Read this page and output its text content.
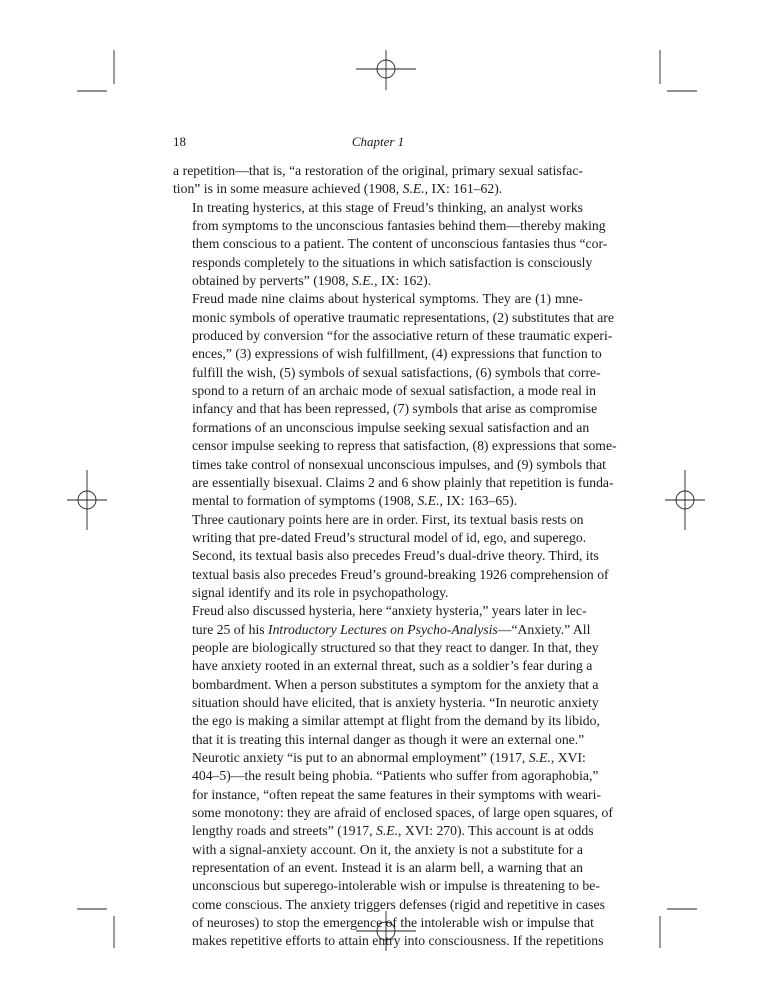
18	Chapter 1

a repetition—that is, “a restoration of the original, primary sexual satisfac-
tion” is in some measure achieved (1908, S.E., IX: 161–62).

In treating hysterics, at this stage of Freud’s thinking, an analyst works
from symptoms to the unconscious fantasies behind them—thereby making
them conscious to a patient. The content of unconscious fantasies thus “cor-
responds completely to the situations in which satisfaction is consciously
obtained by perverts” (1908, S.E., IX: 162).

Freud made nine claims about hysterical symptoms. They are (1) mne-
monic symbols of operative traumatic representations, (2) substitutes that are
produced by conversion “for the associative return of these traumatic experi-
ences,” (3) expressions of wish fulfillment, (4) expressions that function to
fulfill the wish, (5) symbols of sexual satisfactions, (6) symbols that corre-
spond to a return of an archaic mode of sexual satisfaction, a mode real in
infancy and that has been repressed, (7) symbols that arise as compromise
formations of an unconscious impulse seeking sexual satisfaction and an
censor impulse seeking to repress that satisfaction, (8) expressions that some-
times take control of nonsexual unconscious impulses, and (9) symbols that
are essentially bisexual. Claims 2 and 6 show plainly that repetition is funda-
mental to formation of symptoms (1908, S.E., IX: 163–65).

Three cautionary points here are in order. First, its textual basis rests on
writing that pre-dated Freud’s structural model of id, ego, and superego.
Second, its textual basis also precedes Freud’s dual-drive theory. Third, its
textual basis also precedes Freud’s ground-breaking 1926 comprehension of
signal identify and its role in psychopathology.

Freud also discussed hysteria, here “anxiety hysteria,” years later in lec-
ture 25 of his Introductory Lectures on Psycho-Analysis—“Anxiety.” All
people are biologically structured so that they react to danger. In that, they
have anxiety rooted in an external threat, such as a soldier’s fear during a
bombardment. When a person substitutes a symptom for the anxiety that a
situation should have elicited, that is anxiety hysteria. “In neurotic anxiety
the ego is making a similar attempt at flight from the demand by its libido,
that it is treating this internal danger as though it were an external one.”
Neurotic anxiety “is put to an abnormal employment” (1917, S.E., XVI:
404–5)—the result being phobia. “Patients who suffer from agoraphobia,”
for instance, “often repeat the same features in their symptoms with weari-
some monotony: they are afraid of enclosed spaces, of large open squares, of
lengthy roads and streets” (1917, S.E., XVI: 270). This account is at odds
with a signal-anxiety account. On it, the anxiety is not a substitute for a
representation of an event. Instead it is an alarm bell, a warning that an
unconscious but superego-intolerable wish or impulse is threatening to be-
come conscious. The anxiety triggers defenses (rigid and repetitive in cases
of neuroses) to stop the emergence of the intolerable wish or impulse that
makes repetitive efforts to attain entry into consciousness. If the repetitions
